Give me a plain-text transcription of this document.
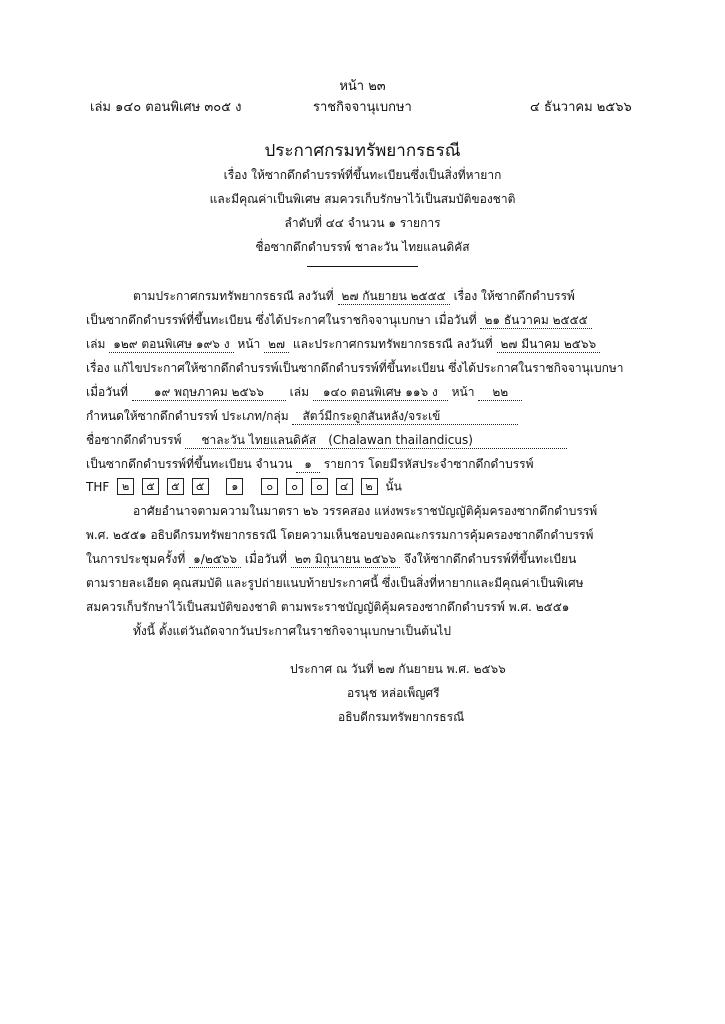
หน้า ๒๓
เล่ม ๑๔๐ ตอนพิเศษ ๓๐๕ ง	ราชกิจจานุเบกษา	๔ ธันวาคม ๒๕๖๖
ประกาศกรมทรัพยากรธรณี
เรื่อง ให้ซากดึกดำบรรพ์ที่ขึ้นทะเบียนซึ่งเป็นสิ่งที่หายาก
และมีคุณค่าเป็นพิเศษ สมควรเก็บรักษาไว้เป็นสมบัติของชาติ
ลำดับที่ ๔๔ จำนวน ๑ รายการ
ชื่อซากดึกดำบรรพ์ ชาละวัน ไทยแลนดิคัส
ตามประกาศกรมทรัพยากรธรณี ลงวันที่ ๒๗ กันยายน ๒๕๕๕ เรื่อง ให้ซากดึกดำบรรพ์
เป็นซากดึกดำบรรพ์ที่ขึ้นทะเบียน ซึ่งได้ประกาศในราชกิจจานุเบกษา เมื่อวันที่ ๒๑ ธันวาคม ๒๕๕๕
เล่ม ๑๒๙ ตอนพิเศษ ๑๙๖ ง หน้า ๒๗ และประกาศกรมทรัพยากรธรณี ลงวันที่ ๒๗ มีนาคม ๒๕๖๖
เรื่อง แก้ไขประกาศให้ซากดึกดำบรรพ์เป็นซากดึกดำบรรพ์ที่ขึ้นทะเบียน ซึ่งได้ประกาศในราชกิจจานุเบกษา
เมื่อวันที่ ๑๙ พฤษภาคม ๒๕๖๖ เล่ม ๑๔๐ ตอนพิเศษ ๑๑๖ ง หน้า ๒๒
กำหนดให้ซากดึกดำบรรพ์ ประเภท/กลุ่ม สัตว์มีกระดูกสันหลัง/จระเข้
ชื่อซากดึกดำบรรพ์ ชาละวัน ไทยแลนดิคัส (Chalawan thailandicus)
เป็นซากดึกดำบรรพ์ที่ขึ้นทะเบียน จำนวน ๑ รายการ โดยมีรหัสประจำซากดึกดำบรรพ์
THF ๒ ๕ ๕ ๕ ๑	๐ ๐ ๐ ๔ ๒ นั้น
อาศัยอำนาจตามความในมาตรา ๒๖ วรรคสอง แห่งพระราชบัญญัติคุ้มครองซากดึกดำบรรพ์
พ.ศ. ๒๕๕๑ อธิบดีกรมทรัพยากรธรณี โดยความเห็นชอบของคณะกรรมการคุ้มครองซากดึกดำบรรพ์
ในการประชุมครั้งที่ ๑/๒๕๖๖ เมื่อวันที่ ๒๓ มิถุนายน ๒๕๖๖ จึงให้ซากดึกดำบรรพ์ที่ขึ้นทะเบียน
ตามรายละเอียด คุณสมบัติ และรูปถ่ายแนบท้ายประกาศนี้ ซึ่งเป็นสิ่งที่หายากและมีคุณค่าเป็นพิเศษ
สมควรเก็บรักษาไว้เป็นสมบัติของชาติ ตามพระราชบัญญัติคุ้มครองซากดึกดำบรรพ์ พ.ศ. ๒๕๕๑
ทั้งนี้ ตั้งแต่วันถัดจากวันประกาศในราชกิจจานุเบกษาเป็นต้นไป
ประกาศ ณ วันที่ ๒๗ กันยายน พ.ศ. ๒๕๖๖
อรนุช หล่อเพ็ญศรี
อธิบดีกรมทรัพยากรธรณี
